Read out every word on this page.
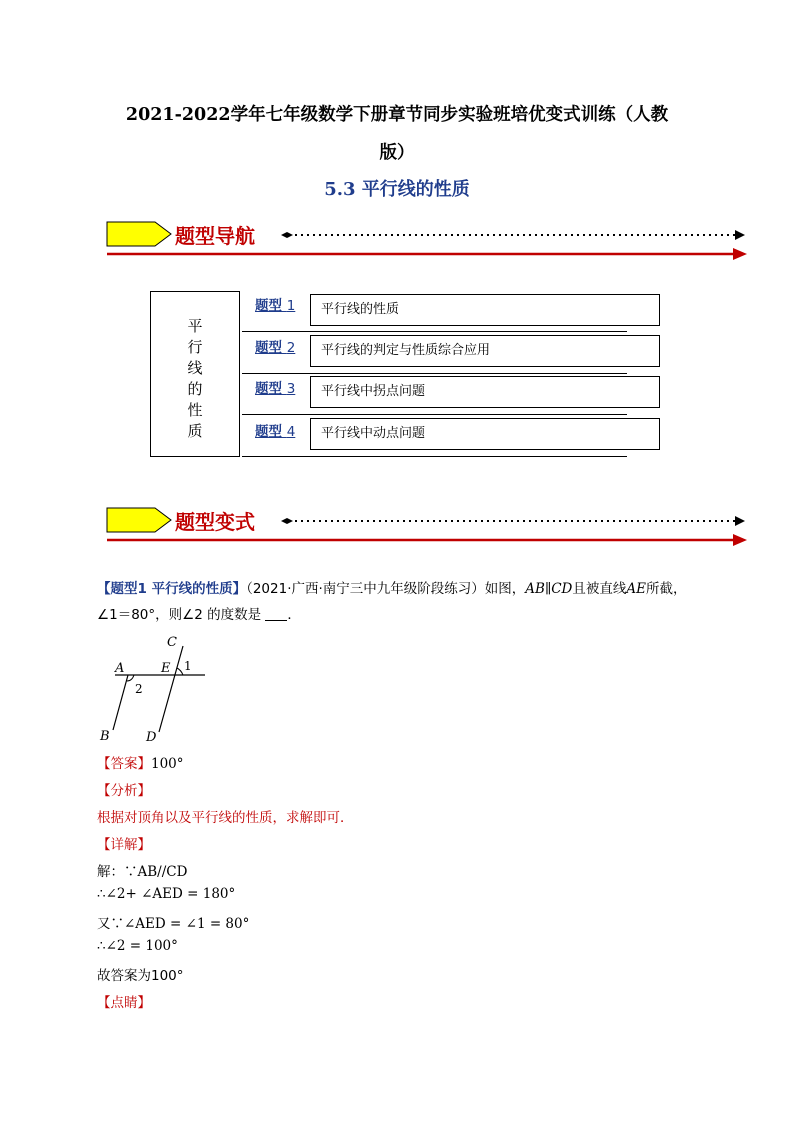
2021-2022学年七年级数学下册章节同步实验班培优变式训练（人教
版）
5.3 平行线的性质
题型导航
平
行
线
的
性
质
题型 1	平行线的性质
题型 2	平行线的判定与性质综合应用
题型 3	平行线中拐点问题
题型 4	平行线中动点问题
题型变式
【题型1 平行线的性质】（2021·广西·南宁三中九年级阶段练习）如图，AB∥CD且被直线AE所截，
∠1＝80°，则∠2 的度数是 ．
C
A	E 1
2
B	D
【答案】100°
【分析】
根据对顶角以及平行线的性质，求解即可．
【详解】
解：∵AB//CD
∴∠2+ ∠AED = 180°
又∵∠AED = ∠1 = 80°
∴∠2 = 100°
故答案为100°
【点睛】
